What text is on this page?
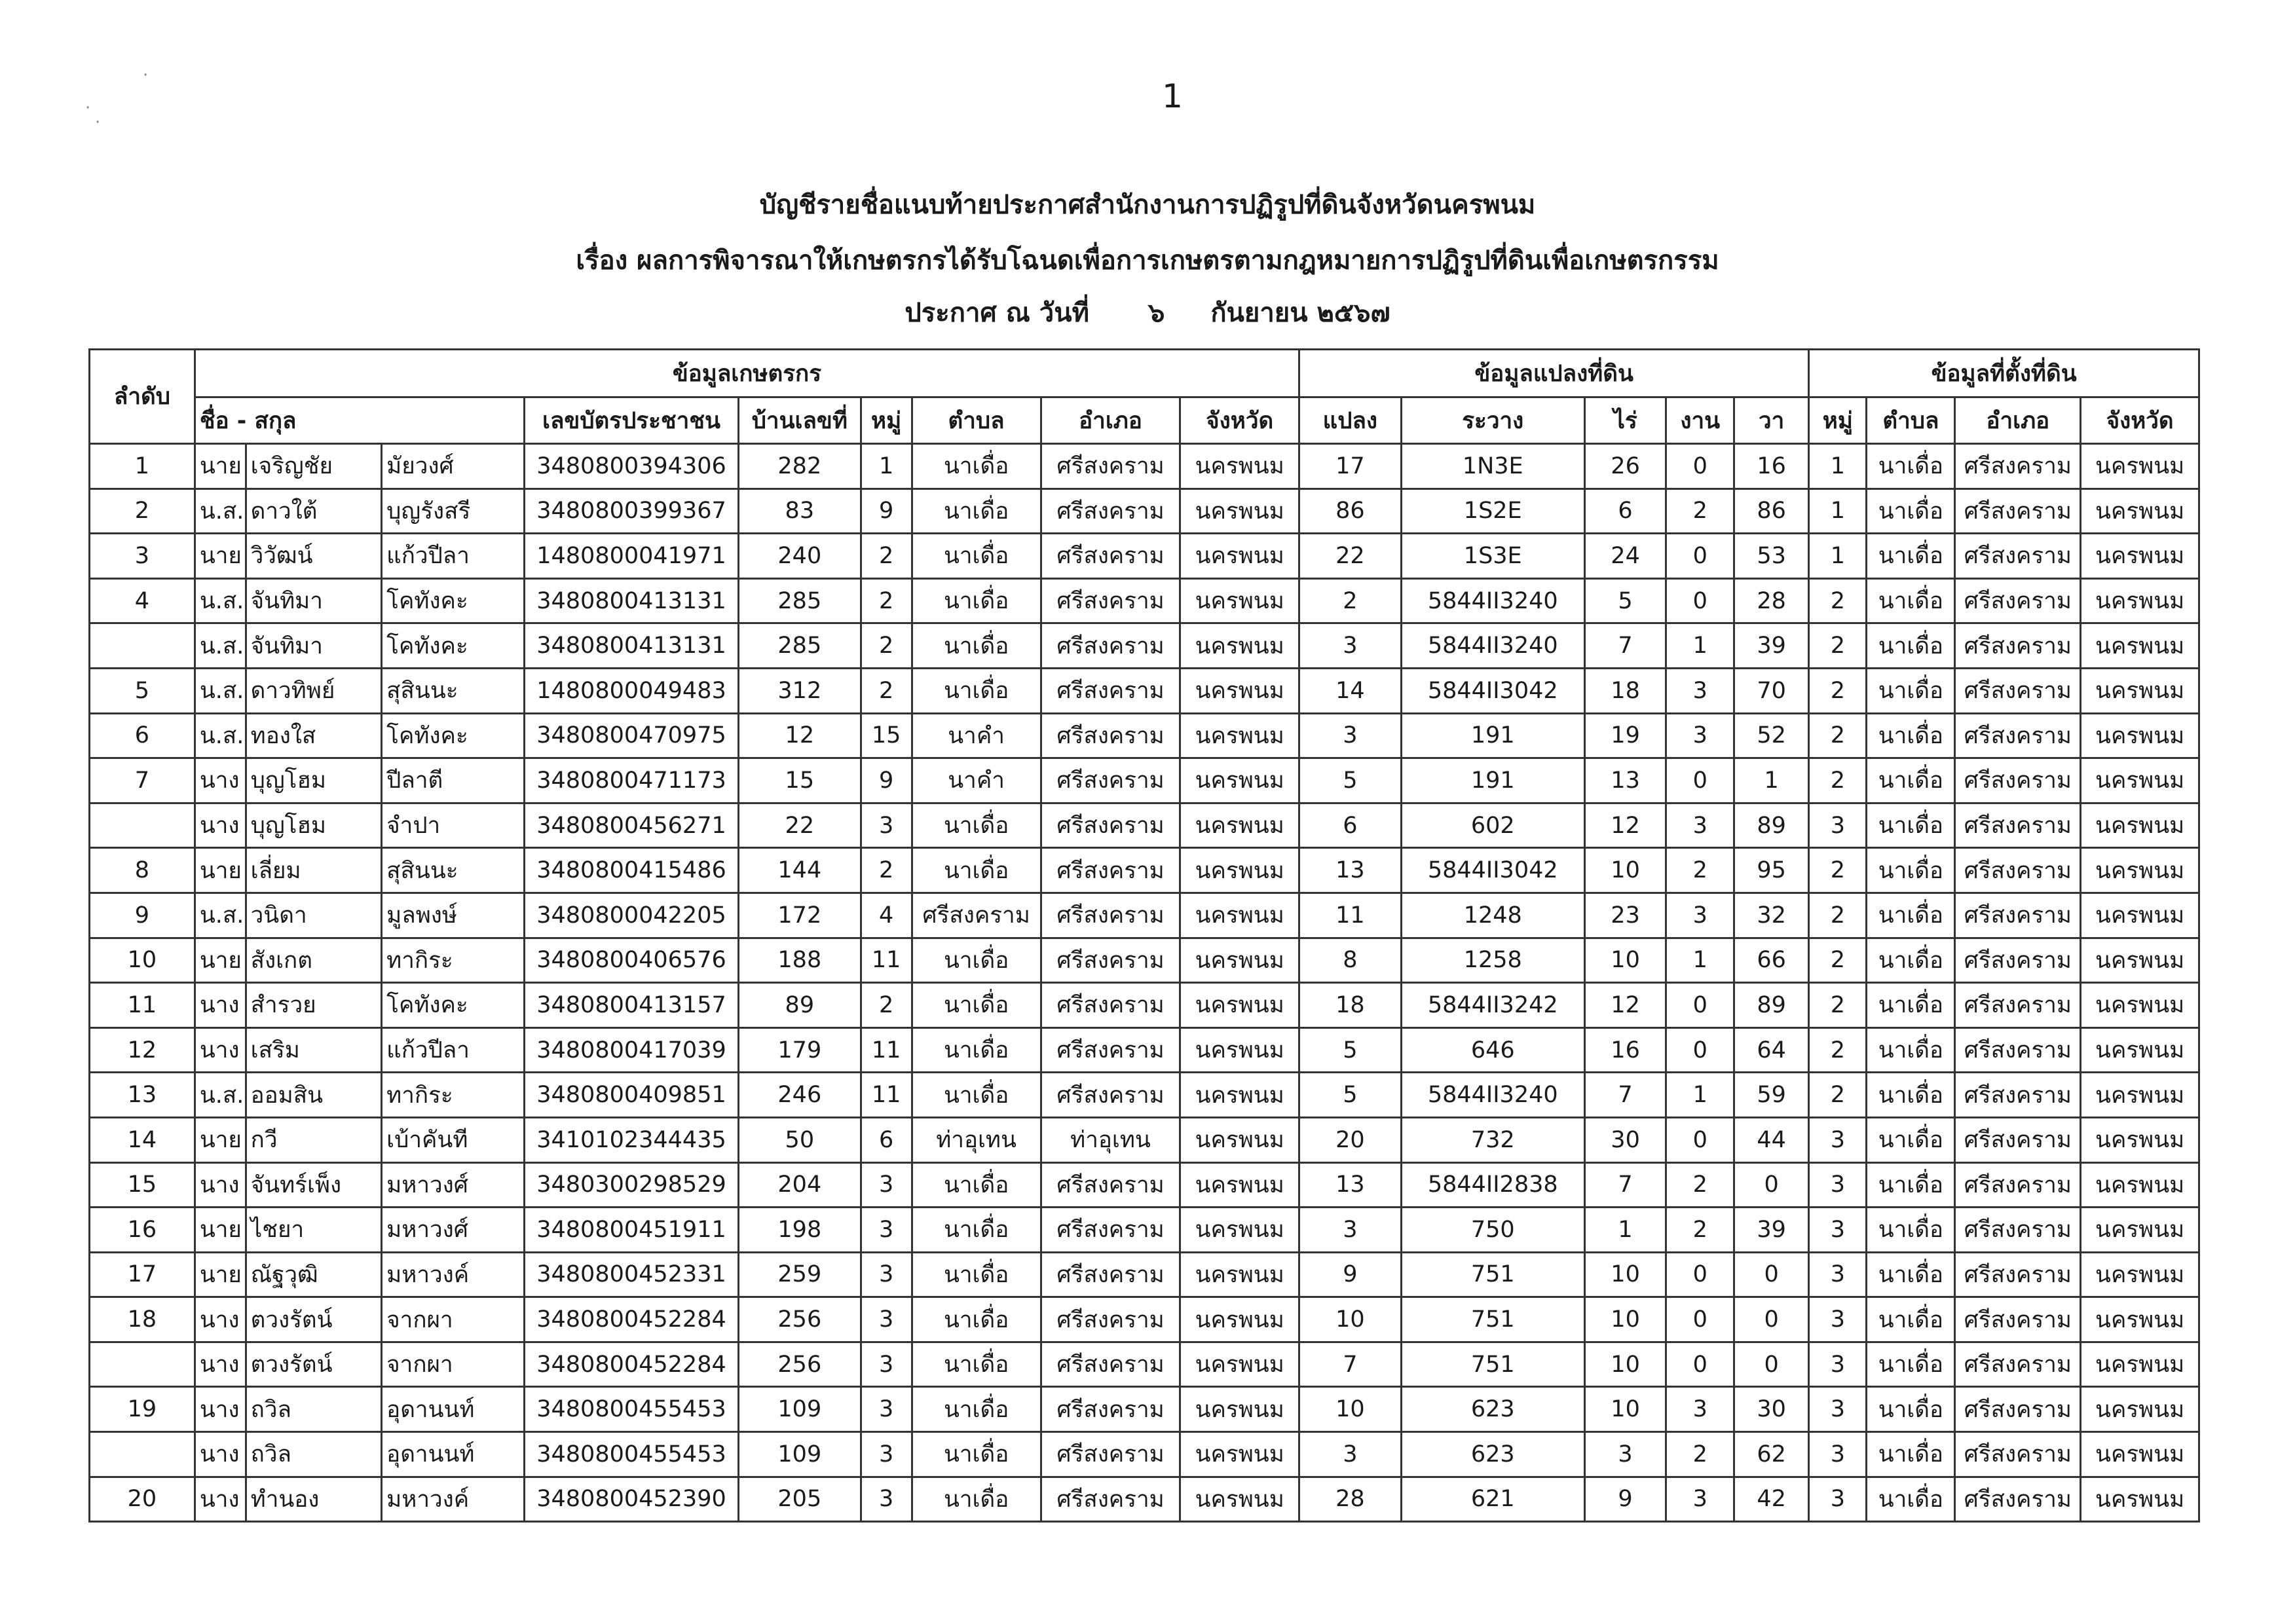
·
·
·
1
บัญชีรายชื่อแนบท้ายประกาศสำนักงานการปฏิรูปที่ดินจังหวัดนครพนม
เรื่อง ผลการพิจารณาให้เกษตรกรได้รับโฉนดเพื่อการเกษตรตามกฎหมายการปฏิรูปที่ดินเพื่อเกษตรกรรม
ประกาศ ณ วันที่ ๖ กันยายน ๒๕๖๗
ลำดับ	ข้อมูลเกษตรกร									ข้อมูลแปลงที่ดิน					ข้อมูลที่ตั้งที่ดิน			
	ชื่อ - สกุล			เลขบัตรประชาชน	บ้านเลขที่	หมู่	ตำบล	อำเภอ	จังหวัด	แปลง	ระวาง	ไร่	งาน	วา	หมู่	ตำบล	อำเภอ	จังหวัด
1	นาย	เจริญชัย	มัยวงศ์	3480800394306	282	1	นาเดื่อ	ศรีสงคราม	นครพนม	17	1N3E	26	0	16	1	นาเดื่อ	ศรีสงคราม	นครพนม
2	น.ส.	ดาวใต้	บุญรังสรี	3480800399367	83	9	นาเดื่อ	ศรีสงคราม	นครพนม	86	1S2E	6	2	86	1	นาเดื่อ	ศรีสงคราม	นครพนม
3	นาย	วิวัฒน์	แก้วปีลา	1480800041971	240	2	นาเดื่อ	ศรีสงคราม	นครพนม	22	1S3E	24	0	53	1	นาเดื่อ	ศรีสงคราม	นครพนม
4	น.ส.	จันทิมา	โคทังคะ	3480800413131	285	2	นาเดื่อ	ศรีสงคราม	นครพนม	2	5844II3240	5	0	28	2	นาเดื่อ	ศรีสงคราม	นครพนม
	น.ส.	จันทิมา	โคทังคะ	3480800413131	285	2	นาเดื่อ	ศรีสงคราม	นครพนม	3	5844II3240	7	1	39	2	นาเดื่อ	ศรีสงคราม	นครพนม
5	น.ส.	ดาวทิพย์	สุสินนะ	1480800049483	312	2	นาเดื่อ	ศรีสงคราม	นครพนม	14	5844II3042	18	3	70	2	นาเดื่อ	ศรีสงคราม	นครพนม
6	น.ส.	ทองใส	โคทังคะ	3480800470975	12	15	นาคำ	ศรีสงคราม	นครพนม	3	191	19	3	52	2	นาเดื่อ	ศรีสงคราม	นครพนม
7	นาง	บุญโฮม	ปีลาตี	3480800471173	15	9	นาคำ	ศรีสงคราม	นครพนม	5	191	13	0	1	2	นาเดื่อ	ศรีสงคราม	นครพนม
	นาง	บุญโฮม	จำปา	3480800456271	22	3	นาเดื่อ	ศรีสงคราม	นครพนม	6	602	12	3	89	3	นาเดื่อ	ศรีสงคราม	นครพนม
8	นาย	เลี่ยม	สุสินนะ	3480800415486	144	2	นาเดื่อ	ศรีสงคราม	นครพนม	13	5844II3042	10	2	95	2	นาเดื่อ	ศรีสงคราม	นครพนม
9	น.ส.	วนิดา	มูลพงษ์	3480800042205	172	4	ศรีสงคราม	ศรีสงคราม	นครพนม	11	1248	23	3	32	2	นาเดื่อ	ศรีสงคราม	นครพนม
10	นาย	สังเกต	ทากิระ	3480800406576	188	11	นาเดื่อ	ศรีสงคราม	นครพนม	8	1258	10	1	66	2	นาเดื่อ	ศรีสงคราม	นครพนม
11	นาง	สำรวย	โคทังคะ	3480800413157	89	2	นาเดื่อ	ศรีสงคราม	นครพนม	18	5844II3242	12	0	89	2	นาเดื่อ	ศรีสงคราม	นครพนม
12	นาง	เสริม	แก้วปีลา	3480800417039	179	11	นาเดื่อ	ศรีสงคราม	นครพนม	5	646	16	0	64	2	นาเดื่อ	ศรีสงคราม	นครพนม
13	น.ส.	ออมสิน	ทากิระ	3480800409851	246	11	นาเดื่อ	ศรีสงคราม	นครพนม	5	5844II3240	7	1	59	2	นาเดื่อ	ศรีสงคราม	นครพนม
14	นาย	กวี	เบ้าคันที	3410102344435	50	6	ท่าอุเทน	ท่าอุเทน	นครพนม	20	732	30	0	44	3	นาเดื่อ	ศรีสงคราม	นครพนม
15	นาง	จันทร์เพ็ง	มหาวงศ์	3480300298529	204	3	นาเดื่อ	ศรีสงคราม	นครพนม	13	5844II2838	7	2	0	3	นาเดื่อ	ศรีสงคราม	นครพนม
16	นาย	ไชยา	มหาวงศ์	3480800451911	198	3	นาเดื่อ	ศรีสงคราม	นครพนม	3	750	1	2	39	3	นาเดื่อ	ศรีสงคราม	นครพนม
17	นาย	ณัฐวุฒิ	มหาวงค์	3480800452331	259	3	นาเดื่อ	ศรีสงคราม	นครพนม	9	751	10	0	0	3	นาเดื่อ	ศรีสงคราม	นครพนม
18	นาง	ตวงรัตน์	จากผา	3480800452284	256	3	นาเดื่อ	ศรีสงคราม	นครพนม	10	751	10	0	0	3	นาเดื่อ	ศรีสงคราม	นครพนม
	นาง	ตวงรัตน์	จากผา	3480800452284	256	3	นาเดื่อ	ศรีสงคราม	นครพนม	7	751	10	0	0	3	นาเดื่อ	ศรีสงคราม	นครพนม
19	นาง	ถวิล	อุดานนท์	3480800455453	109	3	นาเดื่อ	ศรีสงคราม	นครพนม	10	623	10	3	30	3	นาเดื่อ	ศรีสงคราม	นครพนม
	นาง	ถวิล	อุดานนท์	3480800455453	109	3	นาเดื่อ	ศรีสงคราม	นครพนม	3	623	3	2	62	3	นาเดื่อ	ศรีสงคราม	นครพนม
20	นาง	ทำนอง	มหาวงค์	3480800452390	205	3	นาเดื่อ	ศรีสงคราม	นครพนม	28	621	9	3	42	3	นาเดื่อ	ศรีสงคราม	นครพนม
